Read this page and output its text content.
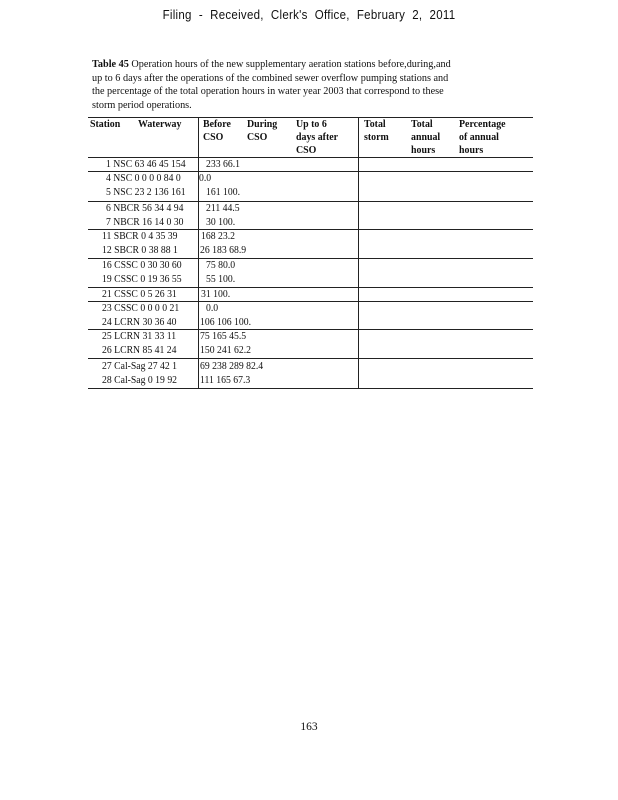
Filing - Received, Clerk's Office, February 2, 2011
Table 45 Operation hours of the new supplementary aeration stations before,during,and
up to 6 days after the operations of the combined sewer overflow pumping stations and
the percentage of the total operation hours in water year 2003 that correspond to these
storm period operations.
Station Waterway Before
CSO
During
CSO
Up to 6
days after
CSO
Total
storm
Total
annual
hours
Percentage
of annual
hours
1 NSC 63 46 45 154 233 66.1
4 NSC 0 0 0 0 84 0 0.0
5 NSC 23 2 136 161 161 100.
6 NBCR 56 34 4 94 211 44.5
7 NBCR 16 14 0 30 30 100.
11 SBCR 0 4 35 39 168 23.2
12 SBCR 0 38 88 1 26 183 68.9
16 CSSC 0 30 30 60 75 80.0
19 CSSC 0 19 36 55 55 100.
21 CSSC 0 5 26 31 31 100.
23 CSSC 0 0 0 0 21 0.0
24 LCRN 30 36 40 106 106 100.
25 LCRN 31 33 11 75 165 45.5
26 LCRN 85 41 24 150 241 62.2
27 Cal-Sag 27 42 1 69 238 289 82.4
28 Cal-Sag 0 19 92 111 165 67.3
163
